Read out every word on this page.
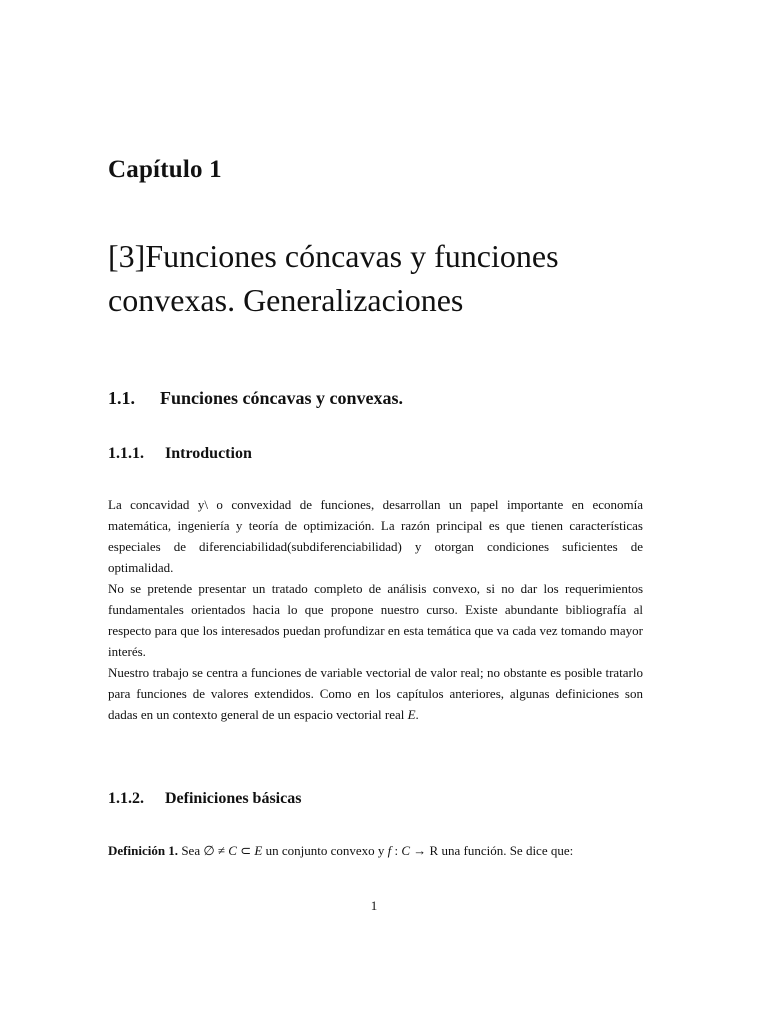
Capítulo 1
[3]Funciones cóncavas y funciones
convexas. Generalizaciones
1.1. Funciones cóncavas y convexas.
1.1.1. Introduction

La concavidad y\ o convexidad de funciones, desarrollan un papel importante en economía matemática, ingeniería y teoría de optimización. La razón principal es que tienen características especiales de diferenciabilidad(subdiferenciabilidad) y otorgan condiciones suficientes de optimalidad.

No se pretende presentar un tratado completo de análisis convexo, si no dar los requerimientos fundamentales orientados hacia lo que propone nuestro curso. Existe abundante bibliografía al respecto para que los interesados puedan profundizar en esta temática que va cada vez tomando mayor interés.

Nuestro trabajo se centra a funciones de variable vectorial de valor real; no obstante es posible tratarlo para funciones de valores extendidos. Como en los capítulos anteriores, algunas definiciones son dadas en un contexto general de un espacio vectorial real E.

1.1.2. Definiciones básicas
Definición 1. Sea ∅ ≠ C ⊂ E un conjunto convexo y f : C → R una función. Se dice que:
1
